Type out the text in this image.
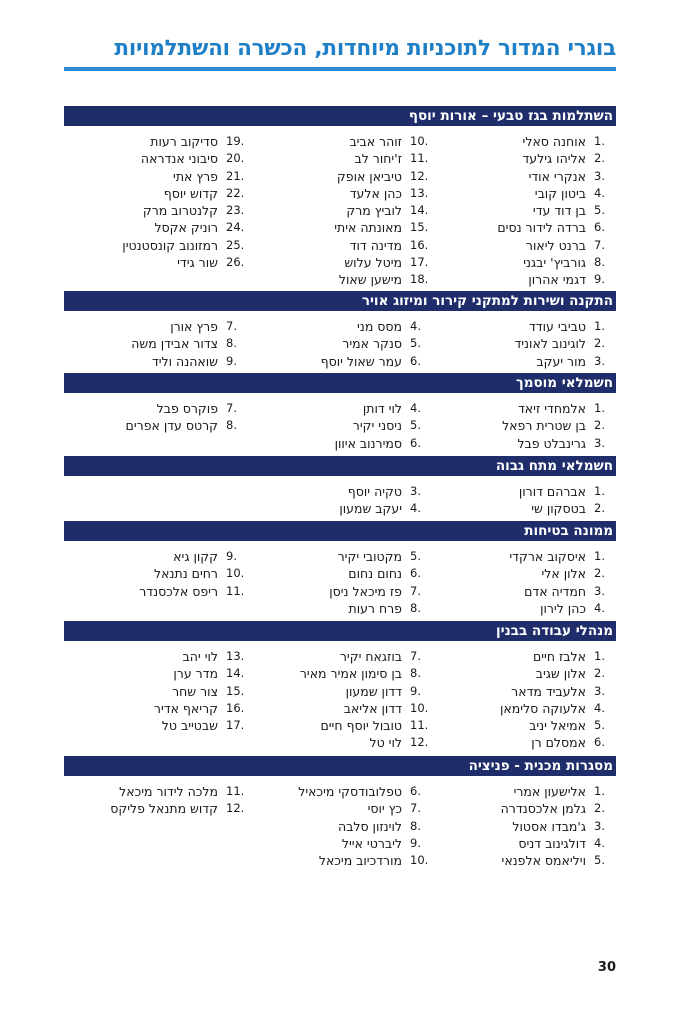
בוגרי המדור לתוכניות מיוחדות, הכשרה והשתלמויות
השתלמות בגז טבעי – אורות יוסף
1.
אוחנה סאלי
2.
אליהו גילעד
3.
אנקרי אודי
4.
ביטון קובי
5.
בן דוד עדי
6.
ברדה לידור נסים
7.
ברנט ליאור
8.
גורביץ' יבגני
9.
דגמי אהרון
10.
זוהר אביב
11.
ז'יחור לב
12.
טיביאן אופק
13.
כהן אלעד
14.
לוביץ מרק
15.
מאונתה איתי
16.
מדינה דוד
17.
מיטל עלוש
18.
מישען שאול
19.
סדיקוב רעות
20.
סיבוני אנדראה
21.
פרץ אתי
22.
קדוש יוסף
23.
קלנטרוב מרק
24.
רוניק אקסל
25.
רמזונוב קונסטנטין
26.
שור גידי
התקנה ושירות למתקני קירור ומיזוג אויר
1.
טביבי עודד
2.
לוגינוב לאוניד
3.
מור יעקב
4.
מסס מני
5.
סנקר אמיר
6.
עמר שאול יוסף
7.
פרץ אורן
8.
צדור אבידן משה
9.
שואהנה וליד
חשמלאי מוסמך
1.
אלמחדי זיאד
2.
בן שטרית רפאל
3.
גרינבלט פבל
4.
לוי דותן
5.
ניסני יקיר
6.
סמירנוב איוון
7.
פוקרס פבל
8.
קרטס עדן אפרים
חשמלאי מתח גבוה
1.
אברהם דורון
2.
בטסקון שי
3.
טקיה יוסף
4.
יעקב שמעון
ממונה בטיחות
1.
איסקוב ארקדי
2.
אלון אלי
3.
חמדיה אדם
4.
כהן לירון
5.
מקטובי יקיר
6.
נחום נחום
7.
פז מיכאל ניסן
8.
פרח רעות
9.
קקון גיא
10.
רחים נתנאל
11.
ריפס אלכסנדר
מנהלי עבודה בבנין
1.
אלבז חיים
2.
אלון שגיב
3.
אלעביד מדאר
4.
אלעוקה סלימאן
5.
אמיאל יניב
6.
אמסלם רן
7.
בוזגאח יקיר
8.
בן סימון אמיר מאיר
9.
דדון שמעון
10.
דדון אליאב
11.
טובול יוסף חיים
12.
לוי טל
13.
לוי יהב
14.
מדר ערן
15.
צור שחר
16.
קריאף אדיר
17.
שבטייב טל
מסגרות מכנית - פניציה
1.
אלישעון אמרי
2.
גלמן אלכסנדרה
3.
ג'מבדו אסטול
4.
דולגינוב דניס
5.
ויליאמס אלפנאי
6.
טפלובודסקי מיכאיל
7.
כץ יוסי
8.
לוינזון סלבה
9.
ליברטי אייל
10.
מורדכיוב מיכאל
11.
מלכה לידור מיכאל
12.
קדוש מתנאל פליקס
30
